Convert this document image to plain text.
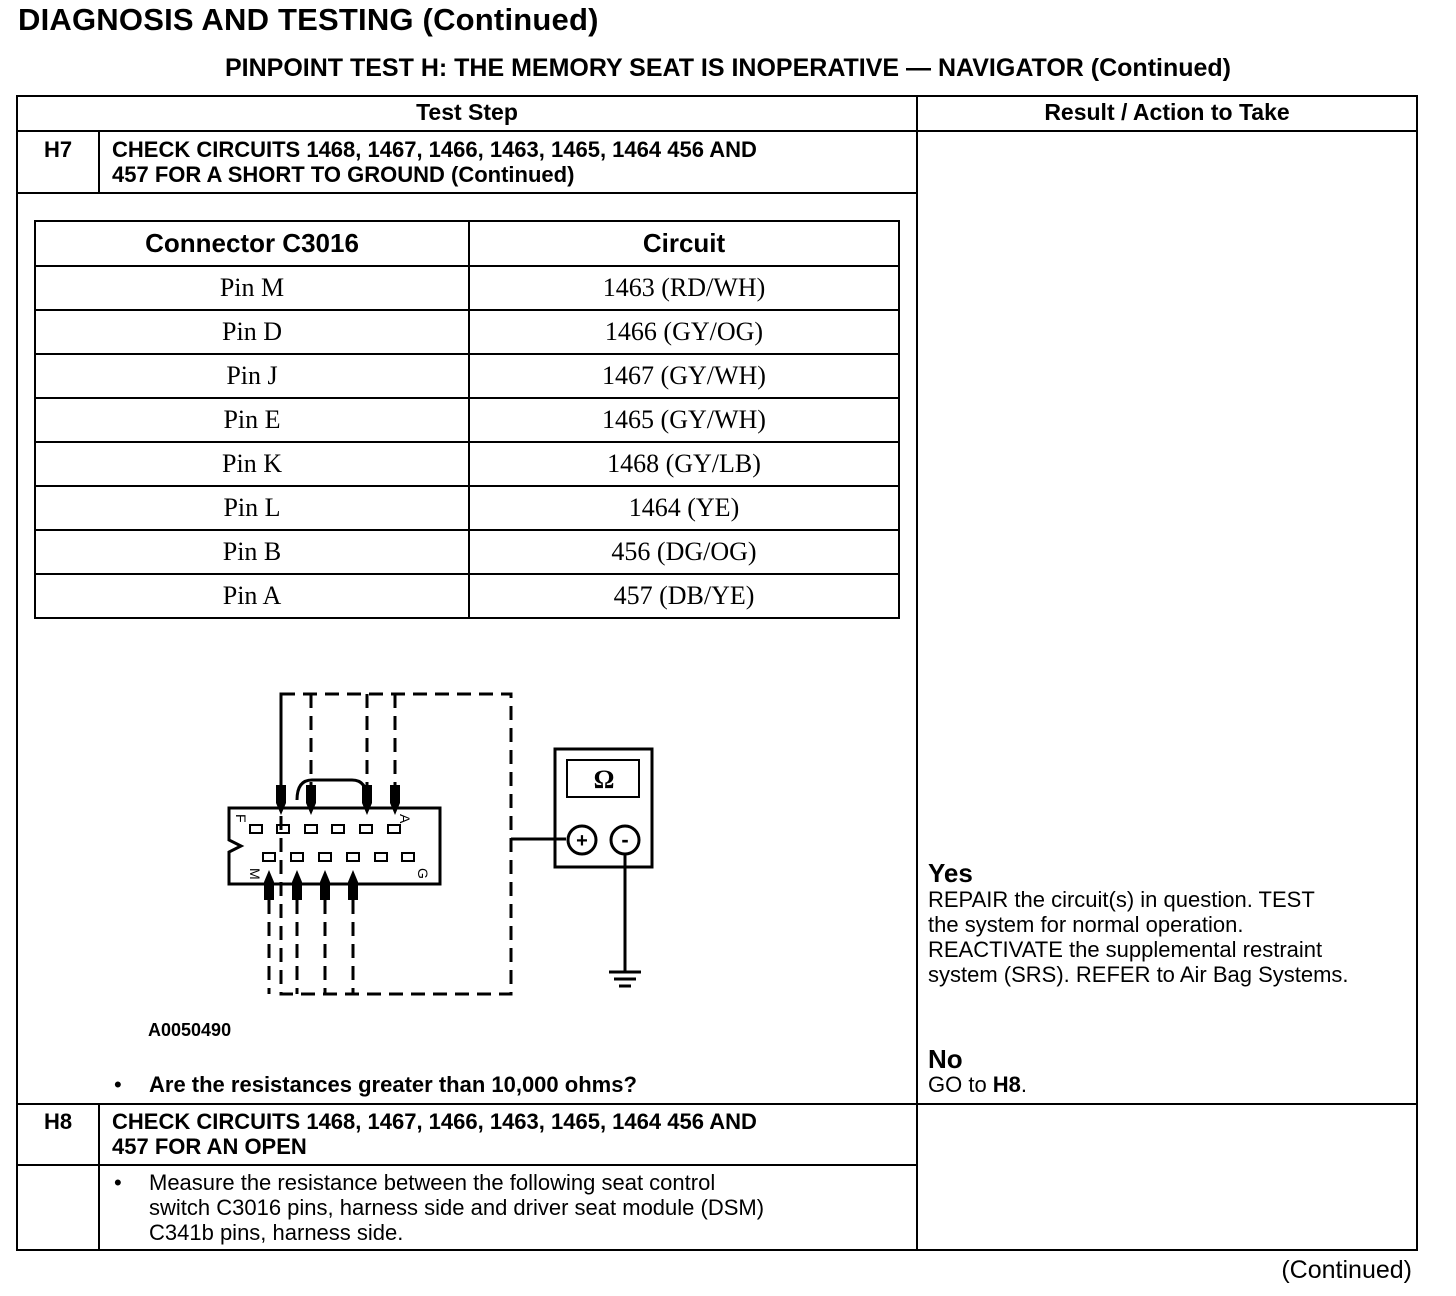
DIAGNOSIS AND TESTING (Continued)
PINPOINT TEST H: THE MEMORY SEAT IS INOPERATIVE — NAVIGATOR (Continued)
Test Step	Result / Action to Take
H7	CHECK CIRCUITS 1468, 1467, 1466, 1463, 1465, 1464 456 AND
457 FOR A SHORT TO GROUND (Continued)
Connector C3016	Circuit
Pin M	1463 (RD/WH)
Pin D	1466 (GY/OG)
Pin J	1467 (GY/WH)
Pin E	1465 (GY/WH)
Pin K	1468 (GY/LB)
Pin L	1464 (YE)
Pin B	456 (DG/OG)
Pin A	457 (DB/YE)
Ω
+ -
F	A
M	G
A0050490
• Are the resistances greater than 10,000 ohms?
Yes
REPAIR the circuit(s) in question. TEST
the system for normal operation.
REACTIVATE the supplemental restraint
system (SRS). REFER to Air Bag Systems.
No
GO to H8.
H8	CHECK CIRCUITS 1468, 1467, 1466, 1463, 1465, 1464 456 AND
457 FOR AN OPEN
• Measure the resistance between the following seat control
switch C3016 pins, harness side and driver seat module (DSM)
C341b pins, harness side.
(Continued)
